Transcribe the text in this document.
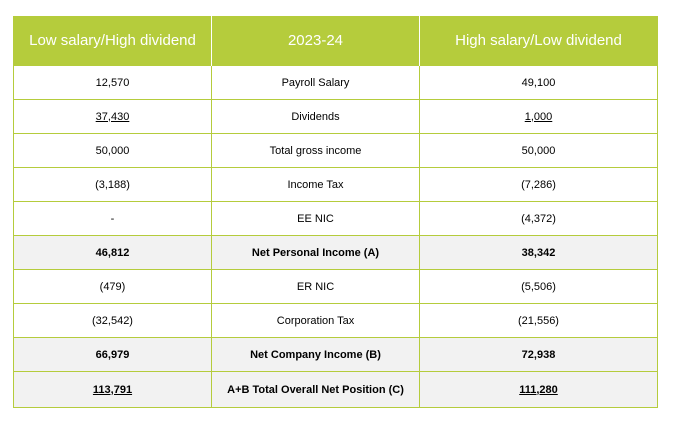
Low salary/High dividend	2023-24	High salary/Low dividend
12,570	Payroll Salary	49,100
37,430	Dividends	1,000
50,000	Total gross income	50,000
(3,188)	Income Tax	(7,286)
-	EE NIC	(4,372)
46,812	Net Personal Income (A)	38,342
(479)	ER NIC	(5,506)
(32,542)	Corporation Tax	(21,556)
66,979	Net Company Income (B)	72,938
113,791	A+B Total Overall Net Position (C)	111,280
